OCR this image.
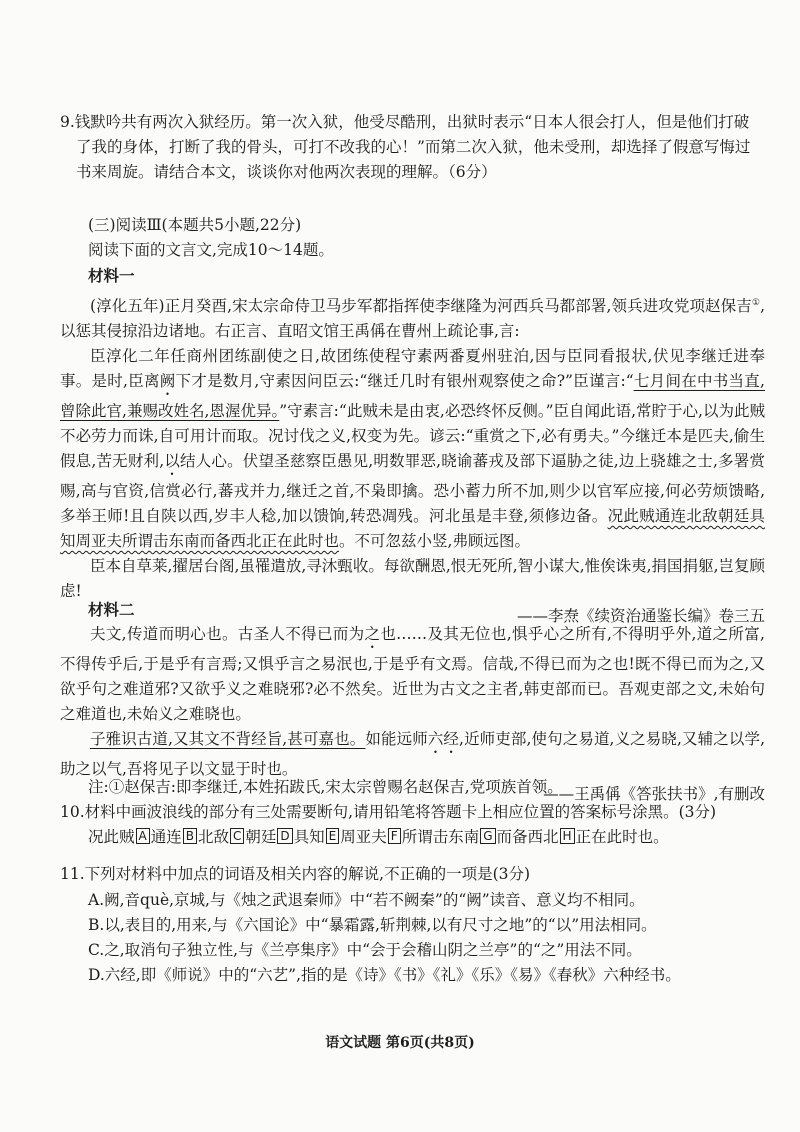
9.钱默吟共有两次入狱经历。第一次入狱，他受尽酷刑，出狱时表示“日本人很会打人，但是他们打破了我的身体，打断了我的骨头，可打不改我的心！”而第二次入狱，他未受刑，却选择了假意写悔过书来周旋。请结合本文，谈谈你对他两次表现的理解。（6分）

(三)阅读Ⅲ(本题共5小题,22分)
阅读下面的文言文,完成10～14题。
材料一

(淳化五年)正月癸酉,宋太宗命侍卫马步军都指挥使李继隆为河西兵马都部署,领兵进攻党项赵保吉①,以惩其侵掠沿边诸地。右正言、直昭文馆王禹偁在曹州上疏论事,言:

臣淳化二年任商州团练副使之日,故团练使程守素两番夏州驻泊,因与臣同看报状,伏见李继迁进奉事。是时,臣离阙下才是数月,守素因问臣云:“继迁几时有银州观察使之命?”臣谨言:“七月间在中书当直,曾除此官,兼赐改姓名,恩渥优异。”守素言:“此贼未是由衷,必恐终怀反侧。”臣自闻此语,常貯于心,以为此贼不必劳力而诛,自可用计而取。况讨伐之义,权变为先。谚云:“重赏之下,必有勇夫。”今继迁本是匹夫,偷生假息,苦无财利,以结人心。伏望圣慈察臣愚见,明数罪恶,晓谕蕃戎及部下逼胁之徒,边上骁雄之士,多署赏赐,高与官资,信赏必行,蕃戎并力,继迁之首,不枭即擒。恐小蓄力所不加,则少以官军应接,何必劳烦馈略,多举王师!且自陕以西,岁丰人稔,加以馈饷,转恐凋残。河北虽是丰登,须修边备。况此贼通连北敌朝廷具知周亚夫所谓击东南而备西北正在此时也。不可忽兹小竖,弗顾远图。

臣本自草莱,擢居台阁,虽罹遣放,寻沐甄收。每欲酬恩,恨无死所,智小谋大,惟俟诛夷,捐国捐躯,岂复顾虑!

——李焘《续资治通鉴长编》卷三五

材料二

夫文,传道而明心也。古圣人不得已而为之也……及其无位也,惧乎心之所有,不得明乎外,道之所富,不得传乎后,于是乎有言焉;又惧乎言之易泯也,于是乎有文焉。信哉,不得已而为之也!既不得已而为之,又欲乎句之难道邪?又欲乎义之难晓邪?必不然矣。近世为古文之主者,韩吏部而已。吾观吏部之文,未始句之难道也,未始义之难晓也。

子雅识古道,又其文不背经旨,甚可嘉也。如能远师六经,近师吏部,使句之易道,义之易晓,又辅之以学,助之以气,吾将见子以文显于时也。

——王禹偁《答张扶书》,有删改

注:①赵保吉:即李继迁,本姓拓跋氏,宋太宗曾赐名赵保吉,党项族首领。
10.材料中画波浪线的部分有三处需要断句,请用铅笔将答题卡上相应位置的答案标号涂黑。(3分)
况此贼 A 通连 B 北敌 C 朝廷 D 具知 E 周亚夫 F 所谓击东南 G 而备西北 H 正在此时也。
11.下列对材料中加点的词语及相关内容的解说,不正确的一项是(3分)
A.阙,音què,京城,与《烛之武退秦师》中“若不阙秦”的“阙”读音、意义均不相同。
B.以,表目的,用来,与《六国论》中“暴霜露,斩荆棘,以有尺寸之地”的“以”用法相同。
C.之,取消句子独立性,与《兰亭集序》中“会于会稽山阴之兰亭”的“之”用法不同。
D.六经,即《师说》中的“六艺”,指的是《诗》《书》《礼》《乐》《易》《春秋》六种经书。
语文试题 第6页(共8页)
